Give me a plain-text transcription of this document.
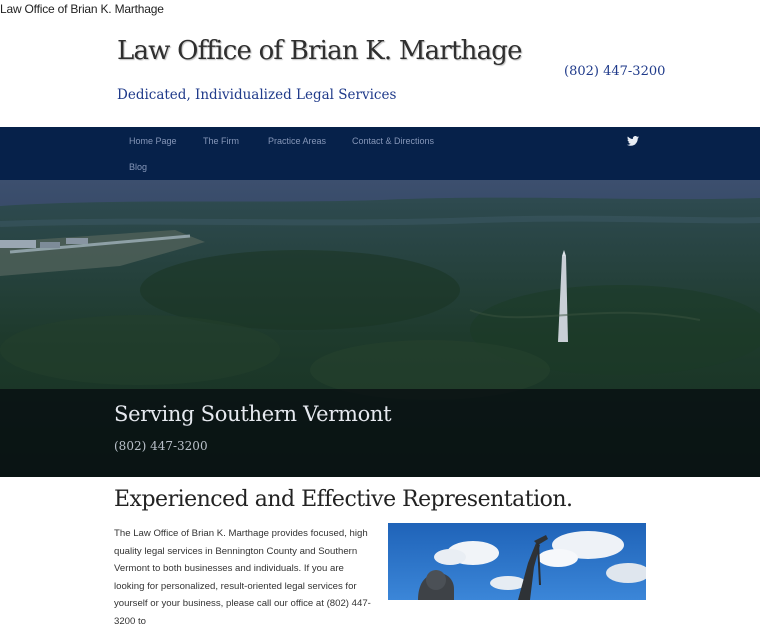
Law Office of Brian K. Marthage
Law Office of Brian K. Marthage
Dedicated, Individualized Legal Services
(802) 447-3200
Home Page	The Firm	Practice Areas	Contact & Directions
Blog
Serving Southern Vermont
(802) 447-3200
Experienced and Effective Representation.
The Law Office of Brian K. Marthage provides focused, high quality legal services in Bennington County and Southern Vermont to both businesses and individuals. If you are looking for personalized, result-oriented legal services for yourself or your business, please call our office at (802) 447-3200 to
